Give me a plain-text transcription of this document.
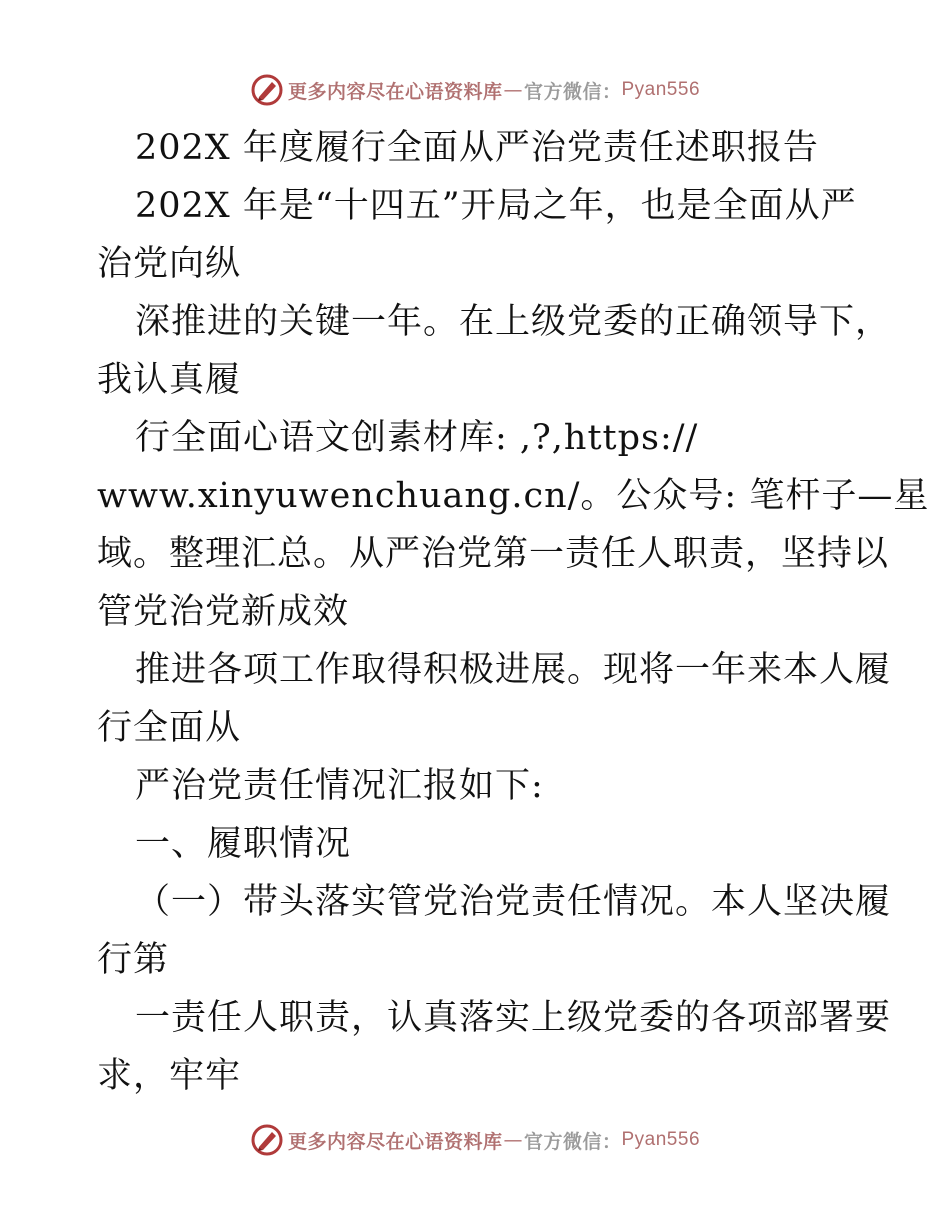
更多内容尽在心语资料库 — 官方微信： Pyan556
202X 年度履行全面从严治党责任述职报告
202X 年是“十四五”开局之年，也是全面从严
治党向纵
深推进的关键一年。在上级党委的正确领导下，
我认真履
行全面心语文创素材库: ,?,https://
www.xinyuwenchuang.cn/。公众号: 笔杆子—星
域。整理汇总。从严治党第一责任人职责，坚持以
管党治党新成效
推进各项工作取得积极进展。现将一年来本人履
行全面从
严治党责任情况汇报如下:
一、履职情况
（一）带头落实管党治党责任情况。本人坚决履
行第
一责任人职责，认真落实上级党委的各项部署要
求，牢牢
更多内容尽在心语资料库 — 官方微信： Pyan556
